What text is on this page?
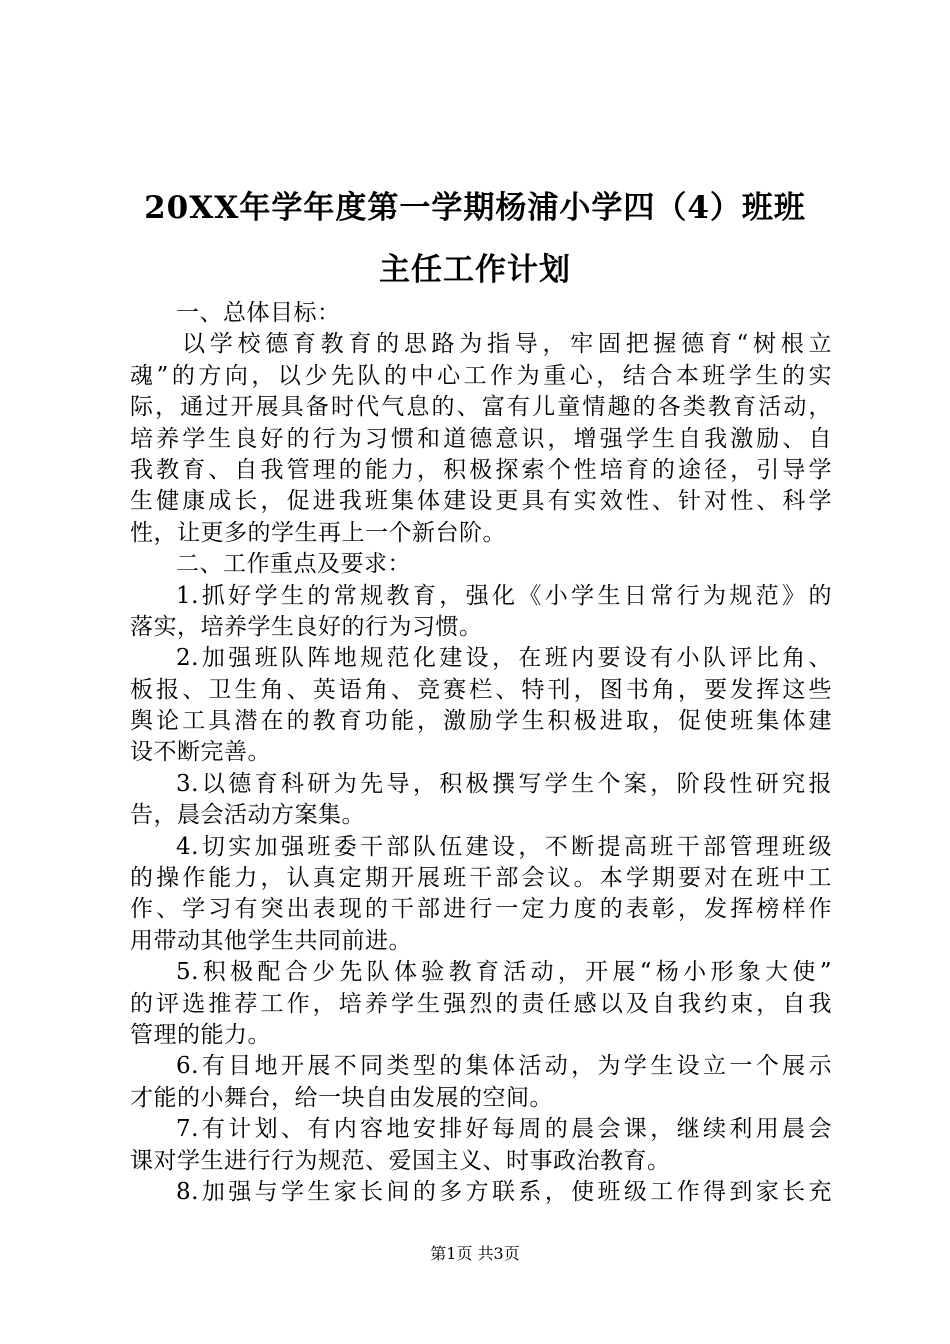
20XX年学年度第一学期杨浦小学四（4）班班
主任工作计划
一、总体目标：
以学校德育教育的思路为指导，牢固把握德育“树根立
魂”的方向，以少先队的中心工作为重心，结合本班学生的实
际，通过开展具备时代气息的、富有儿童情趣的各类教育活动，
培养学生良好的行为习惯和道德意识，增强学生自我激励、自
我教育、自我管理的能力，积极探索个性培育的途径，引导学
生健康成长，促进我班集体建设更具有实效性、针对性、科学
性，让更多的学生再上一个新台阶。
二、工作重点及要求：
1.抓好学生的常规教育，强化《小学生日常行为规范》的
落实，培养学生良好的行为习惯。
2.加强班队阵地规范化建设，在班内要设有小队评比角、
板报、卫生角、英语角、竞赛栏、特刊，图书角，要发挥这些
舆论工具潜在的教育功能，激励学生积极进取，促使班集体建
设不断完善。
3.以德育科研为先导，积极撰写学生个案，阶段性研究报
告，晨会活动方案集。
4.切实加强班委干部队伍建设，不断提高班干部管理班级
的操作能力，认真定期开展班干部会议。本学期要对在班中工
作、学习有突出表现的干部进行一定力度的表彰，发挥榜样作
用带动其他学生共同前进。
5.积极配合少先队体验教育活动，开展“杨小形象大使”
的评选推荐工作，培养学生强烈的责任感以及自我约束，自我
管理的能力。
6.有目地开展不同类型的集体活动，为学生设立一个展示
才能的小舞台，给一块自由发展的空间。
7.有计划、有内容地安排好每周的晨会课，继续利用晨会
课对学生进行行为规范、爱国主义、时事政治教育。
8.加强与学生家长间的多方联系，使班级工作得到家长充
第1页 共3页
